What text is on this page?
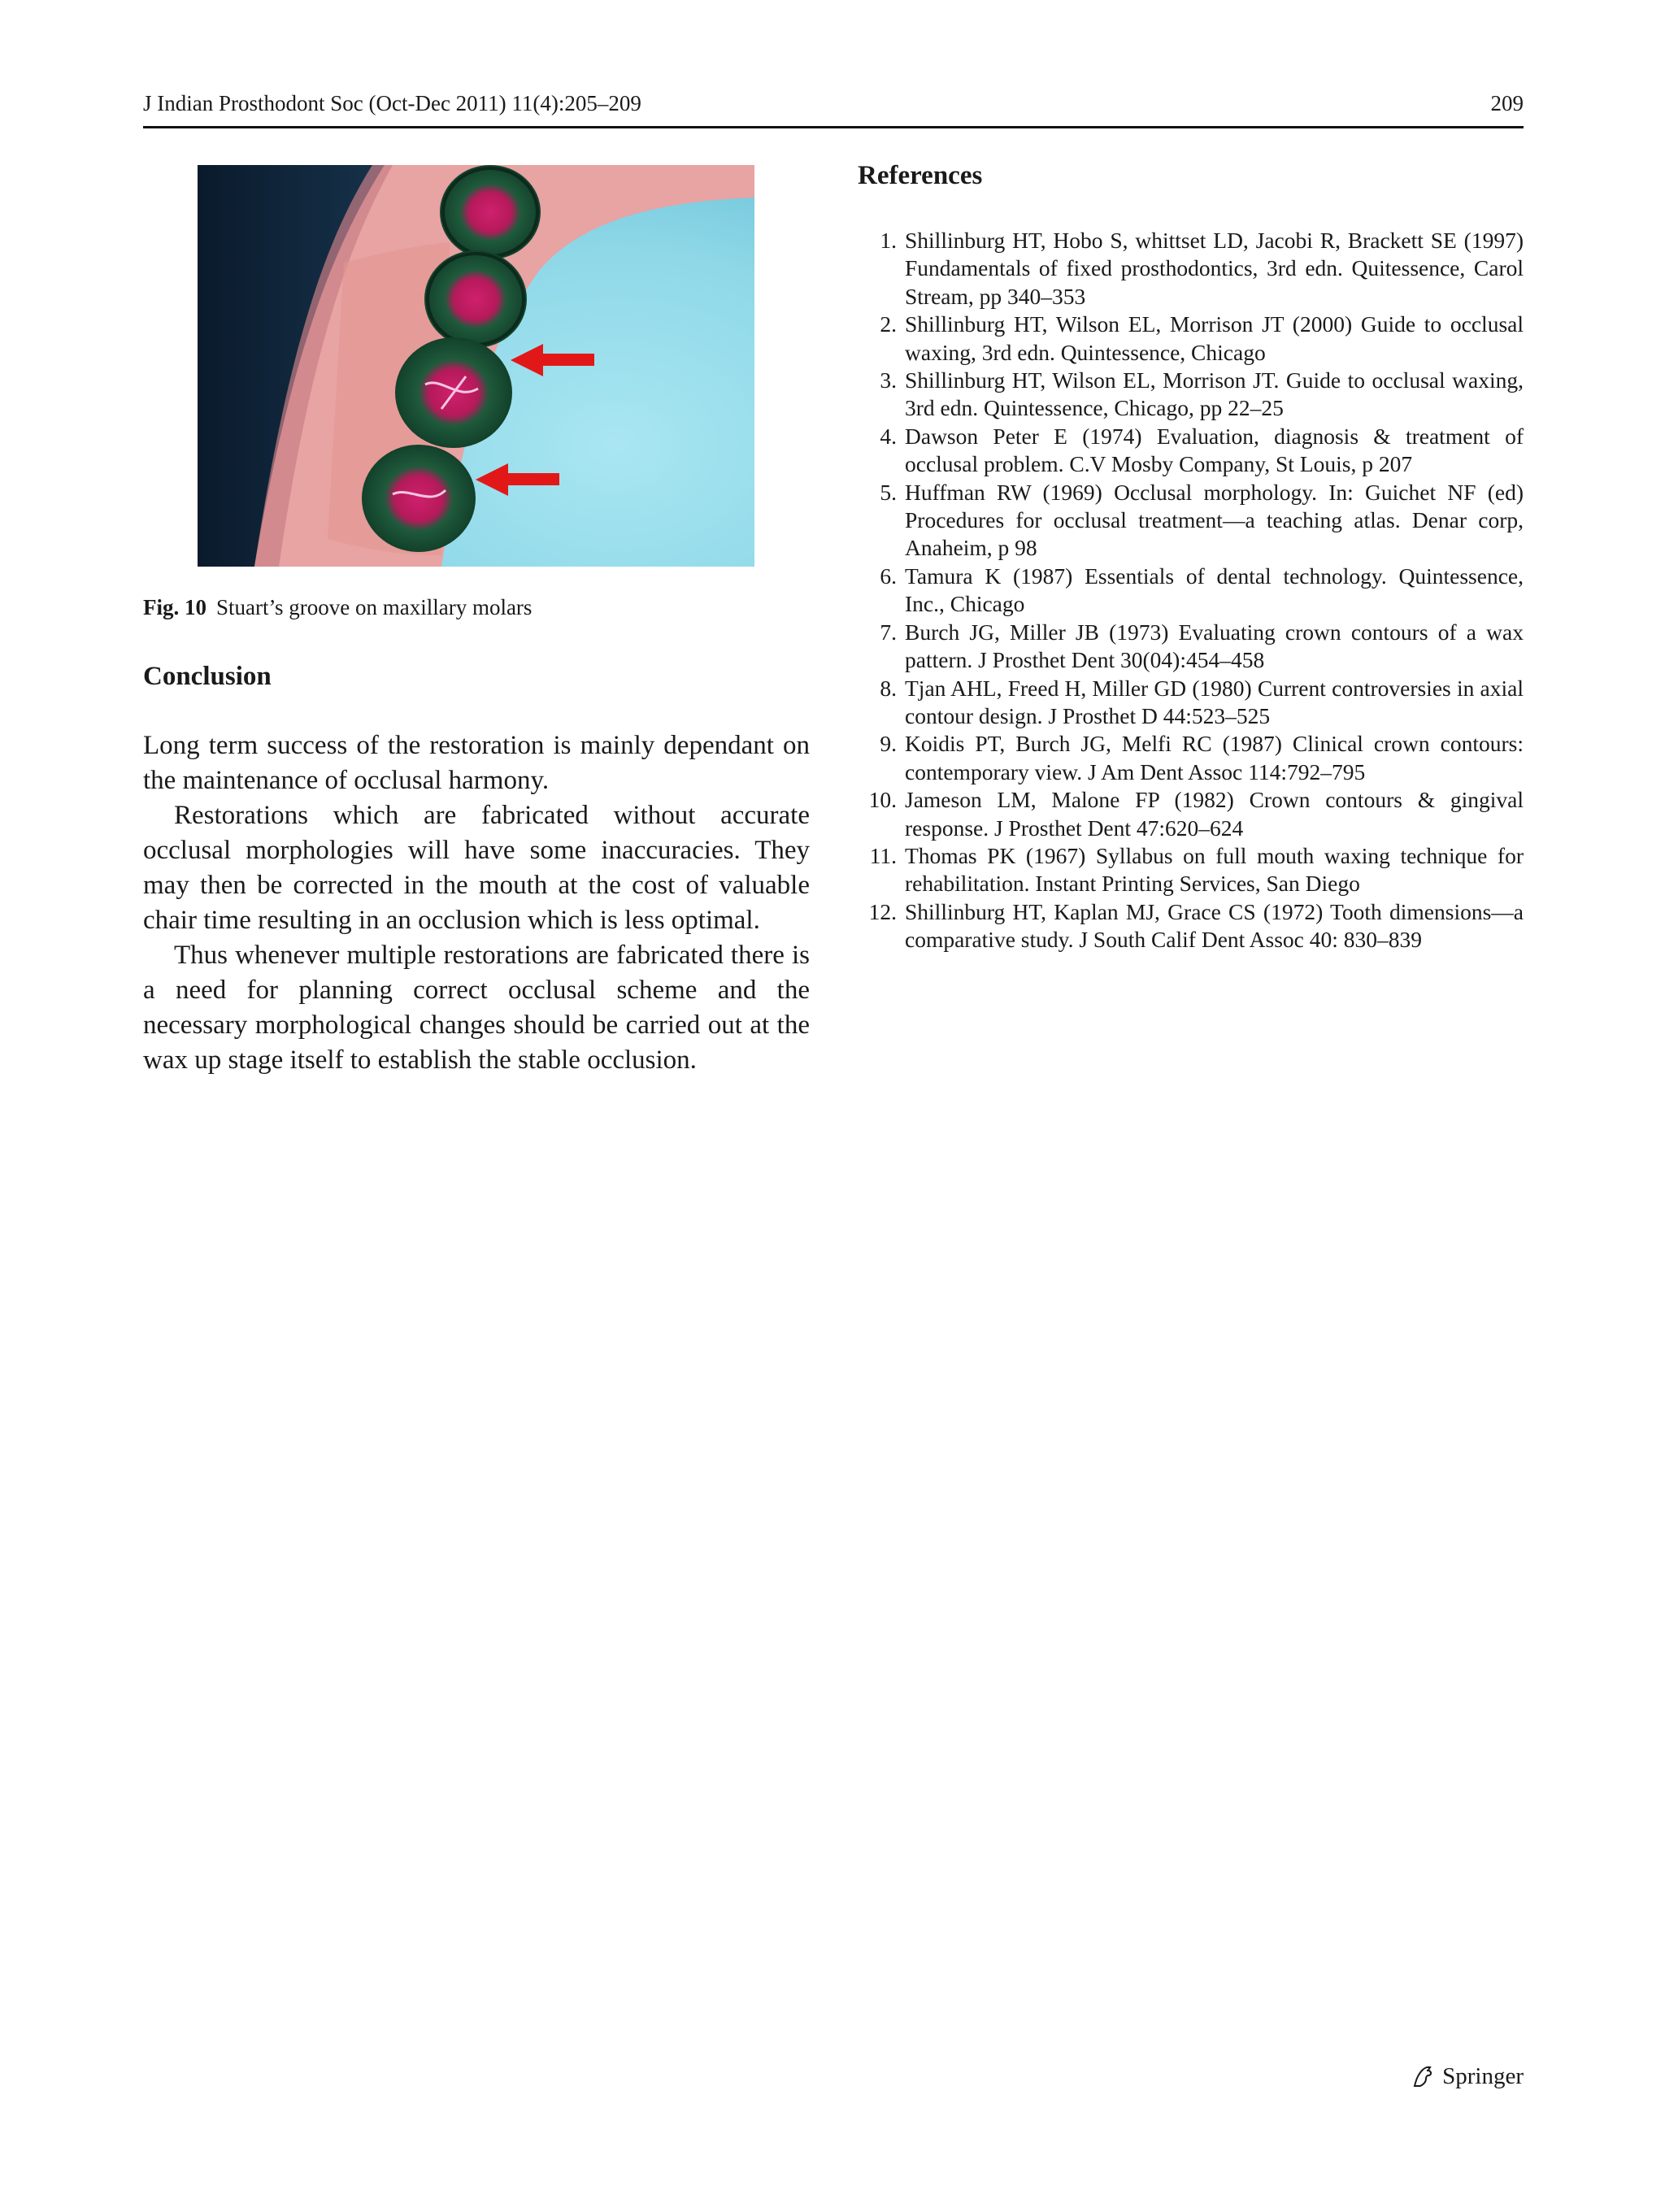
J Indian Prosthodont Soc (Oct-Dec 2011) 11(4):205–209	209
Fig. 10 Stuart’s groove on maxillary molars
Conclusion

Long term success of the restoration is mainly dependant on the maintenance of occlusal harmony.

Restorations which are fabricated without accurate occlusal morphologies will have some inaccuracies. They may then be corrected in the mouth at the cost of valuable chair time resulting in an occlusion which is less optimal.

Thus whenever multiple restorations are fabricated there is a need for planning correct occlusal scheme and the necessary morphological changes should be carried out at the wax up stage itself to establish the stable occlusion.

References
1. Shillinburg HT, Hobo S, whittset LD, Jacobi R, Brackett SE (1997) Fundamentals of fixed prosthodontics, 3rd edn. Quitessence, Carol Stream, pp 340–353
2. Shillinburg HT, Wilson EL, Morrison JT (2000) Guide to occlusal waxing, 3rd edn. Quintessence, Chicago
3. Shillinburg HT, Wilson EL, Morrison JT. Guide to occlusal waxing, 3rd edn. Quintessence, Chicago, pp 22–25
4. Dawson Peter E (1974) Evaluation, diagnosis & treatment of occlusal problem. C.V Mosby Company, St Louis, p 207
5. Huffman RW (1969) Occlusal morphology. In: Guichet NF (ed) Procedures for occlusal treatment—a teaching atlas. Denar corp, Anaheim, p 98
6. Tamura K (1987) Essentials of dental technology. Quintessence, Inc., Chicago
7. Burch JG, Miller JB (1973) Evaluating crown contours of a wax pattern. J Prosthet Dent 30(04):454–458
8. Tjan AHL, Freed H, Miller GD (1980) Current controversies in axial contour design. J Prosthet D 44:523–525
9. Koidis PT, Burch JG, Melfi RC (1987) Clinical crown contours: contemporary view. J Am Dent Assoc 114:792–795
10. Jameson LM, Malone FP (1982) Crown contours & gingival response. J Prosthet Dent 47:620–624
11. Thomas PK (1967) Syllabus on full mouth waxing technique for rehabilitation. Instant Printing Services, San Diego
12. Shillinburg HT, Kaplan MJ, Grace CS (1972) Tooth dimensions—a comparative study. J South Calif Dent Assoc 40: 830–839
Springer
